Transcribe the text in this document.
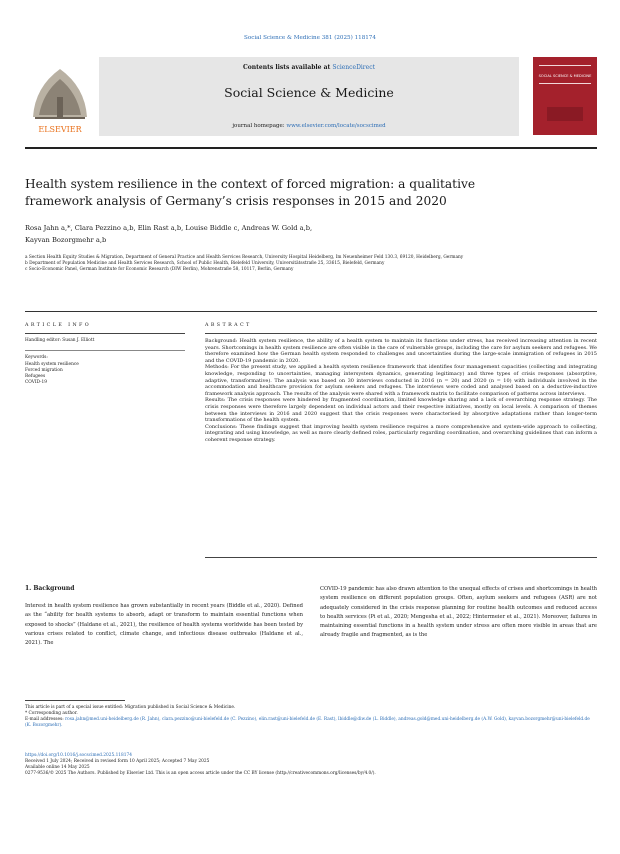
Social Science & Medicine 381 (2025) 118174
ELSEVIER
Contents lists available at ScienceDirect
Social Science & Medicine
journal homepage: www.elsevier.com/locate/socscimed
SOCIAL SCIENCE & MEDICINE
Health system resilience in the context of forced migration: a qualitative
framework analysis of Germany’s crisis responses in 2015 and 2020
Rosa Jahn a,*, Clara Pezzino a,b, Elin Rast a,b, Louise Biddle c, Andreas W. Gold a,b,
Kayvan Bozorgmehr a,b
a Section Health Equity Studies & Migration, Department of General Practice and Health Services Research, University Hospital Heidelberg, Im Neuenheimer Feld 130.3, 69120, Heidelberg, Germany
b Department of Population Medicine and Health Services Research, School of Public Health, Bielefeld University, Universitätsstraße 25, 33615, Bielefeld, Germany
c Socio-Economic Panel, German Institute for Economic Research (DIW Berlin), Mohrenstraße 58, 10117, Berlin, Germany
ARTICLE INFO
Handling editor: Susan J. Elliott
Keywords:
Health system resilience
Forced migration
Refugees
COVID-19
ABSTRACT
Background: Health system resilience, the ability of a health system to maintain its functions under stress, has received increasing attention in recent years. Shortcomings in health system resilience are often visible in the care of vulnerable groups, including the care for asylum seekers and refugees. We therefore examined how the German health system responded to challenges and uncertainties during the large-scale immigration of refugees in 2015 and the COVID-19 pandemic in 2020.
Methods: For the present study, we applied a health system resilience framework that identifies four management capacities (collecting and integrating knowledge, responding to uncertainties, managing intersystem dynamics, generating legitimacy) and three types of crisis responses (absorptive, adaptive, transformative). The analysis was based on 30 interviews conducted in 2016 (n = 20) and 2020 (n = 10) with individuals involved in the accommodation and healthcare provision for asylum seekers and refugees. The interviews were coded and analysed based on a deductive-inductive framework analysis approach. The results of the analysis were shared with a framework matrix to facilitate comparison of patterns across interviews.
Results: The crisis responses were hindered by fragmented coordination, limited knowledge sharing and a lack of overarching response strategy. The crisis responses were therefore largely dependent on individual actors and their respective initiatives, mostly on local levels. A comparison of themes between the interviews in 2016 and 2020 suggest that the crisis responses were characterised by absorptive adaptations rather than longer-term transformations of the health system.
Conclusions: These findings suggest that improving health system resilience requires a more comprehensive and system-wide approach to collecting, integrating and using knowledge, as well as more clearly defined roles, particularly regarding coordination, and overarching guidelines that can inform a coherent response strategy.
1. Background
Interest in health system resilience has grown substantially in recent years (Biddle et al., 2020). Defined as the “ability for health systems to absorb, adapt or transform to maintain essential functions when exposed to shocks” (Haldane et al., 2021), the resilience of health systems worldwide has been tested by various crises related to conflict, climate change, and infectious disease outbreaks (Haldane et al., 2021). The
COVID-19 pandemic has also drawn attention to the unequal effects of crises and shortcomings in health system resilience on different population groups. Often, asylum seekers and refugees (ASR) are not adequately considered in the crisis response planning for routine health outcomes and reduced access to health services (Pi et al., 2020; Mengesha et al., 2022; Hintermeier et al., 2021). Moreover, failures in maintaining essential functions in a health system under stress are often more visible in areas that are already fragile and fragmented, as is the
This article is part of a special issue entitled: Migration published in Social Science & Medicine.
* Corresponding author.
E-mail addresses: rosa.jahn@med.uni-heidelberg.de (R. Jahn), clara.pezzino@uni-bielefeld.de (C. Pezzino), elin.rast@uni-bielefeld.de (E. Rast), lbiddle@diw.de (L. Biddle), andreas.gold@med.uni-heidelberg.de (A.W. Gold), kayvan.bozorgmehr@uni-bielefeld.de (K. Bozorgmehr).
https://doi.org/10.1016/j.socscimed.2025.118174
Received 1 July 2024; Received in revised form 10 April 2025; Accepted 7 May 2025
Available online 14 May 2025
0277-9536/© 2025 The Authors. Published by Elsevier Ltd. This is an open access article under the CC BY license (http://creativecommons.org/licenses/by/4.0/).
